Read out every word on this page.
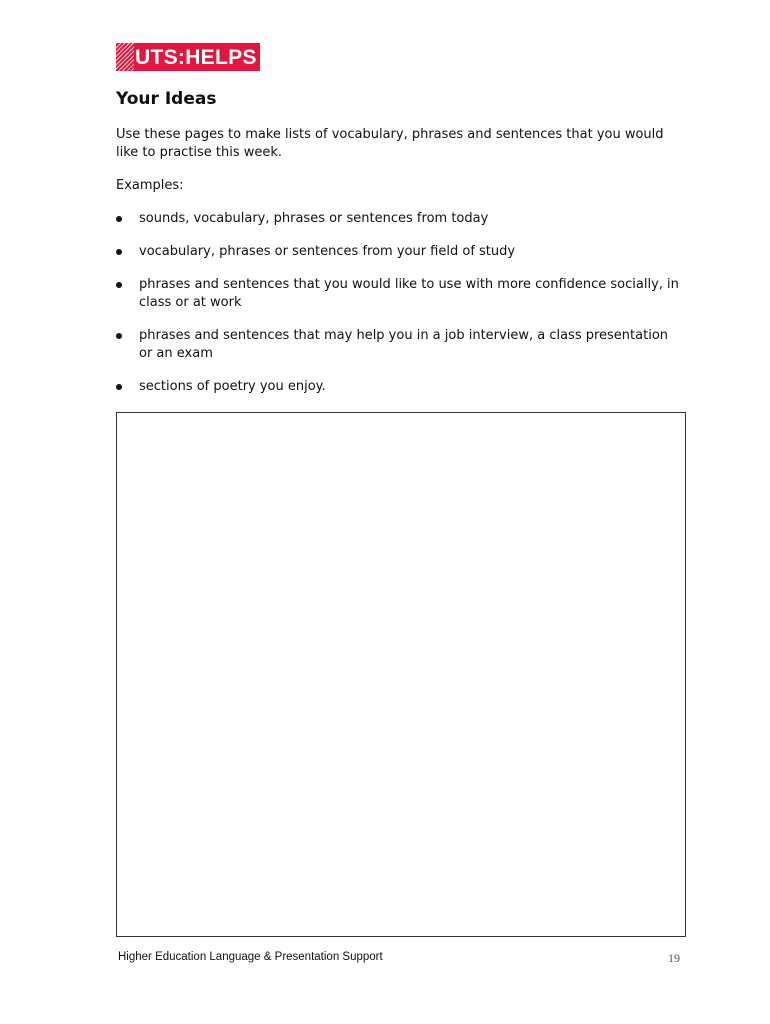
UTS:HELPS
Your Ideas

Use these pages to make lists of vocabulary, phrases and sentences that you would like to practise this week.

Examples:

sounds, vocabulary, phrases or sentences from today
vocabulary, phrases or sentences from your field of study
phrases and sentences that you would like to use with more confidence socially, in class or at work
phrases and sentences that may help you in a job interview, a class presentation or an exam
sections of poetry you enjoy.
Higher Education Language & Presentation Support	19
